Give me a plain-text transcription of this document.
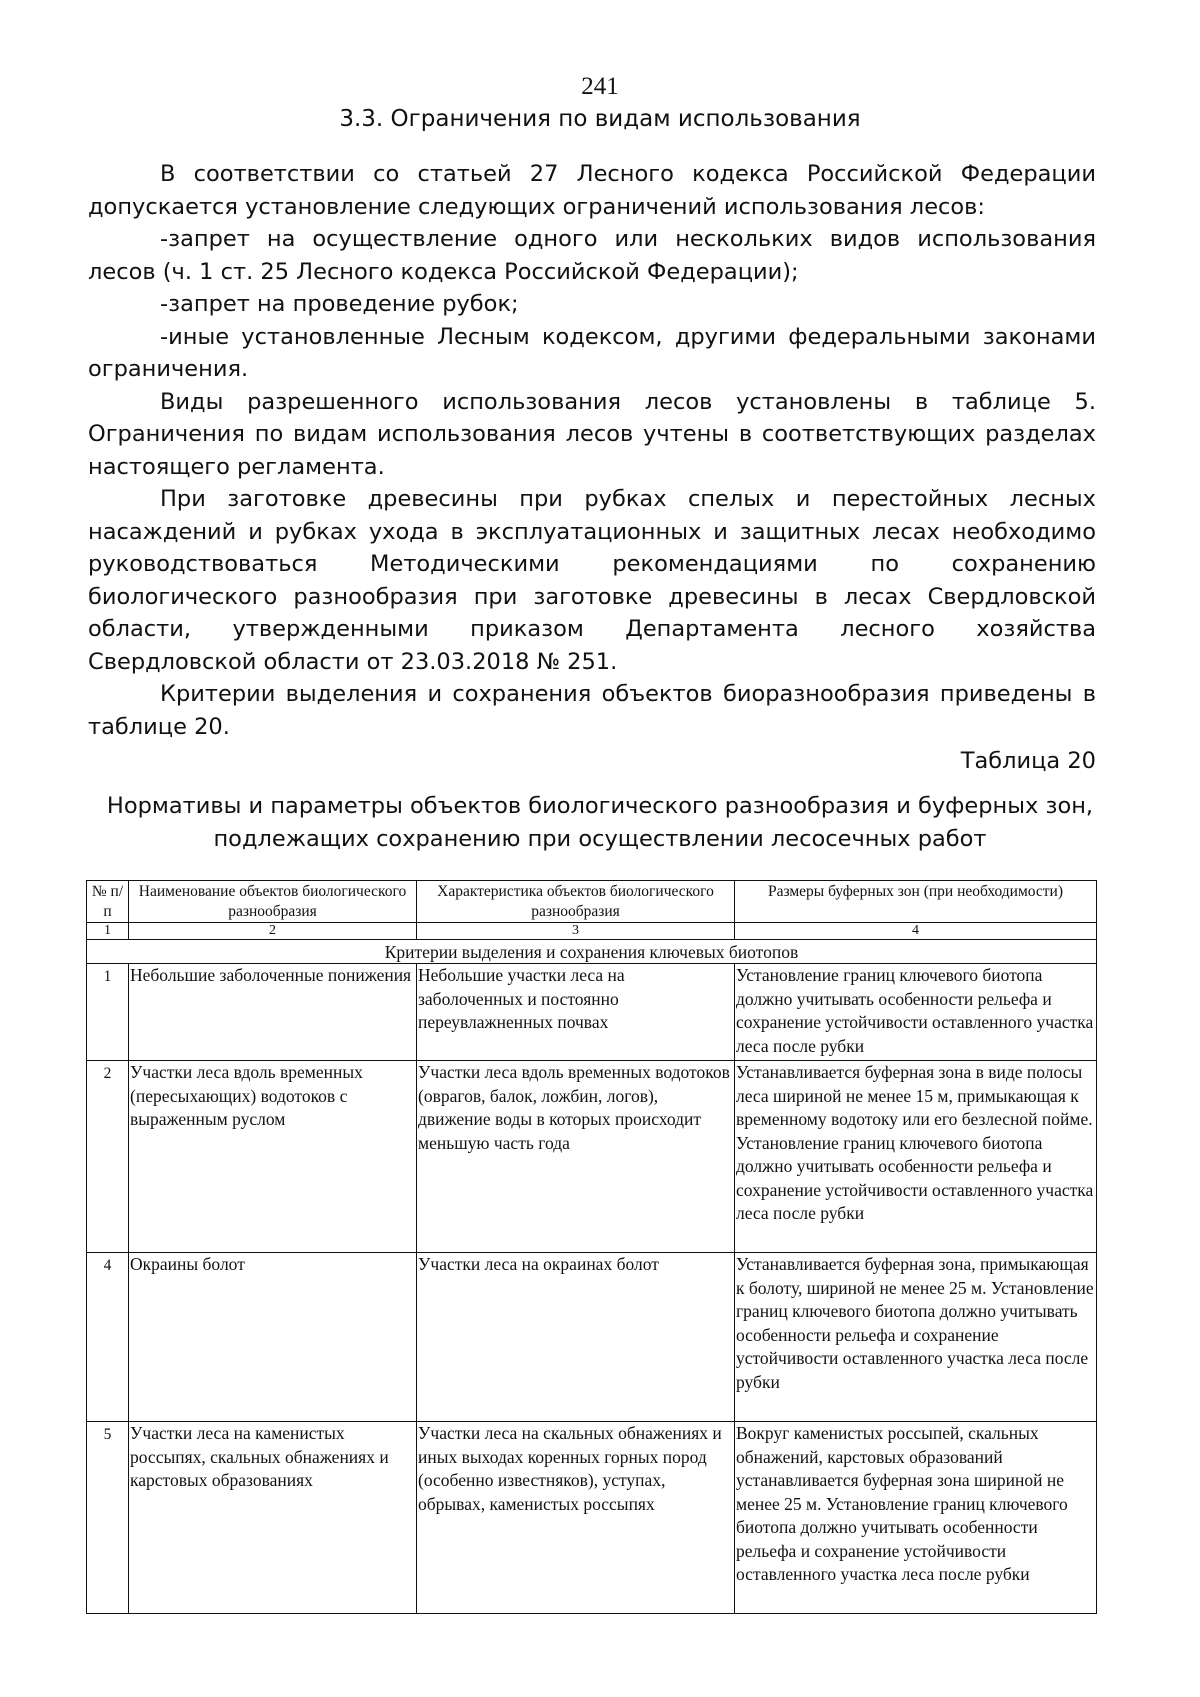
241
3.3. Ограничения по видам использования

В соответствии со статьей 27 Лесного кодекса Российской Федерации допускается установление следующих ограничений использования лесов:

-запрет на осуществление одного или нескольких видов использования лесов (ч. 1 ст. 25 Лесного кодекса Российской Федерации);

-запрет на проведение рубок;

-иные установленные Лесным кодексом, другими федеральными законами ограничения.

Виды разрешенного использования лесов установлены в таблице 5. Ограничения по видам использования лесов учтены в соответствующих разделах настоящего регламента.

При заготовке древесины при рубках спелых и перестойных лесных насаждений и рубках ухода в эксплуатационных и защитных лесах необходимо руководствоваться Методическими рекомендациями по сохранению биологического разнообразия при заготовке древесины в лесах Свердловской области, утвержденными приказом Департамента лесного хозяйства Свердловской области от 23.03.2018 № 251.

Критерии выделения и сохранения объектов биоразнообразия приведены в таблице 20.

Таблица 20
Нормативы и параметры объектов биологического разнообразия и буферных зон,
подлежащих сохранению при осуществлении лесосечных работ
№ п/п	Наименование объектов биологического разнообразия	Характеристика объектов биологического разнообразия	Размеры буферных зон (при необходимости)
1	2	3	4
Критерии выделения и сохранения ключевых биотопов			
1	Небольшие заболоченные понижения	Небольшие участки леса на заболоченных и постоянно переувлажненных почвах	Установление границ ключевого биотопа должно учитывать особенности рельефа и сохранение устойчивости оставленного участка леса после рубки
2	Участки леса вдоль временных (пересыхающих) водотоков с выраженным руслом	Участки леса вдоль временных водотоков (оврагов, балок, ложбин, логов), движение воды в которых происходит меньшую часть года	Устанавливается буферная зона в виде полосы леса шириной не менее 15 м, примыкающая к временному водотоку или его безлесной пойме. Установление границ ключевого биотопа должно учитывать особенности рельефа и сохранение устойчивости оставленного участка леса после рубки
4	Окраины болот	Участки леса на окраинах болот	Устанавливается буферная зона, примыкающая к болоту, шириной не менее 25 м. Установление границ ключевого биотопа должно учитывать особенности рельефа и сохранение устойчивости оставленного участка леса после рубки
5	Участки леса на каменистых россыпях, скальных обнажениях и карстовых образованиях	Участки леса на скальных обнажениях и иных выходах коренных горных пород (особенно известняков), уступах, обрывах, каменистых россыпях	Вокруг каменистых россыпей, скальных обнажений, карстовых образований устанавливается буферная зона шириной не менее 25 м. Установление границ ключевого биотопа должно учитывать особенности рельефа и сохранение устойчивости оставленного участка леса после рубки
